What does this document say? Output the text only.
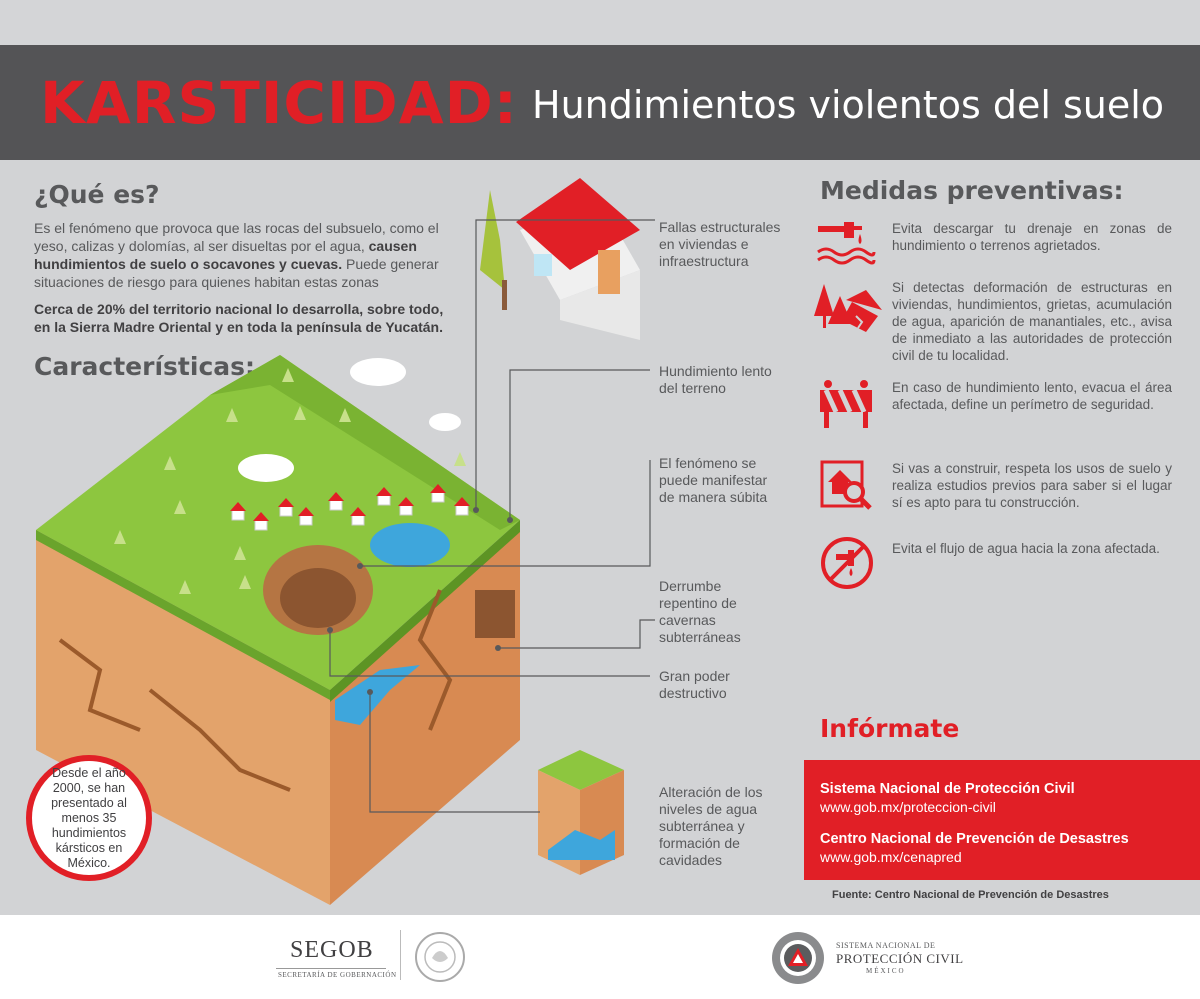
KARSTICIDAD: Hundimientos violentos del suelo
¿Qué es?
Es el fenómeno que provoca que las rocas del subsuelo, como el yeso, calizas y dolomías, al ser disueltas por el agua, causen hundimientos de suelo o socavones y cuevas. Puede generar situaciones de riesgo para quienes habitan estas zonas
Cerca de 20% del territorio nacional lo desarrolla, sobre todo, en la Sierra Madre Oriental y en toda la península de Yucatán.
Características:
Fallas estructurales en viviendas e infraestructura
Hundimiento lento del terreno
El fenómeno se puede manifestar de manera súbita
Derrumbe repentino de cavernas subterráneas
Gran poder destructivo
Alteración de los niveles de agua subterránea y formación de cavidades
Desde el año 2000, se han presentado al menos 35 hundimientos kársticos en México.
Medidas preventivas:
Evita descargar tu drenaje en zonas de hundimiento o terrenos agrietados.
Si detectas deformación de estructuras en viviendas, hundimientos, grietas, acumulación de agua, aparición de manantiales, etc., avisa de inmediato a las autoridades de protección civil de tu localidad.
En caso de hundimiento lento, evacua el área afectada, define un perímetro de seguridad.
Si vas a construir, respeta los usos de suelo y realiza estudios previos para saber si el lugar sí es apto para tu construcción.
Evita el flujo de agua hacia la zona afectada.
Infórmate
Sistema Nacional de Protección Civil
www.gob.mx/proteccion-civil
Centro Nacional de Prevención de Desastres
www.gob.mx/cenapred
Fuente: Centro Nacional de Prevención de Desastres
SEGOB
SECRETARÍA DE GOBERNACIÓN
SISTEMA NACIONAL DE
PROTECCIÓN CIVIL
MÉXICO
